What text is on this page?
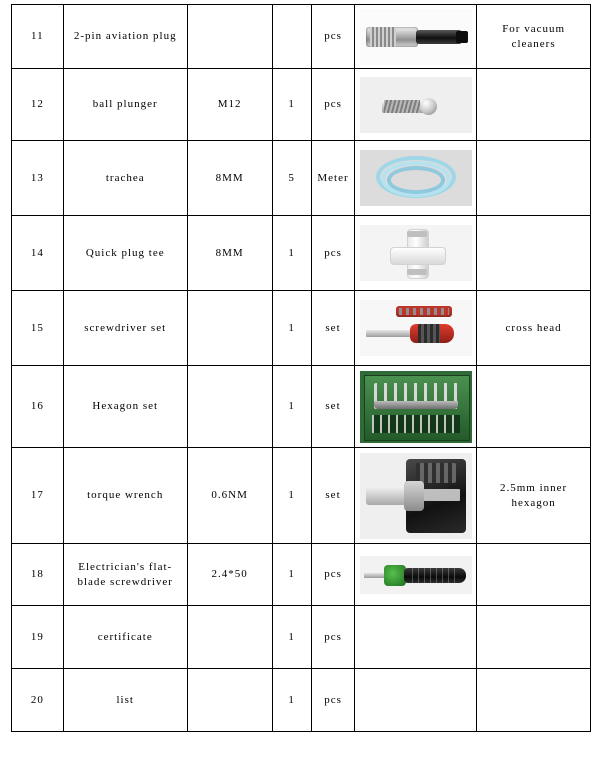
11	2-pin aviation plug			pcs		For vacuum cleaners
12	ball plunger	M12	1	pcs	

13	trachea	8MM	5	Meter	

14	Quick plug tee	8MM	1	pcs	

15	screwdriver set		1	set		cross head
16	Hexagon set		1	set	

17	torque wrench	0.6NM	1	set		2.5mm inner hexagon
18	Electrician's flat-blade screwdriver	2.4*50	1	pcs	

19	certificate		1	pcs	

20	list		1	pcs	
